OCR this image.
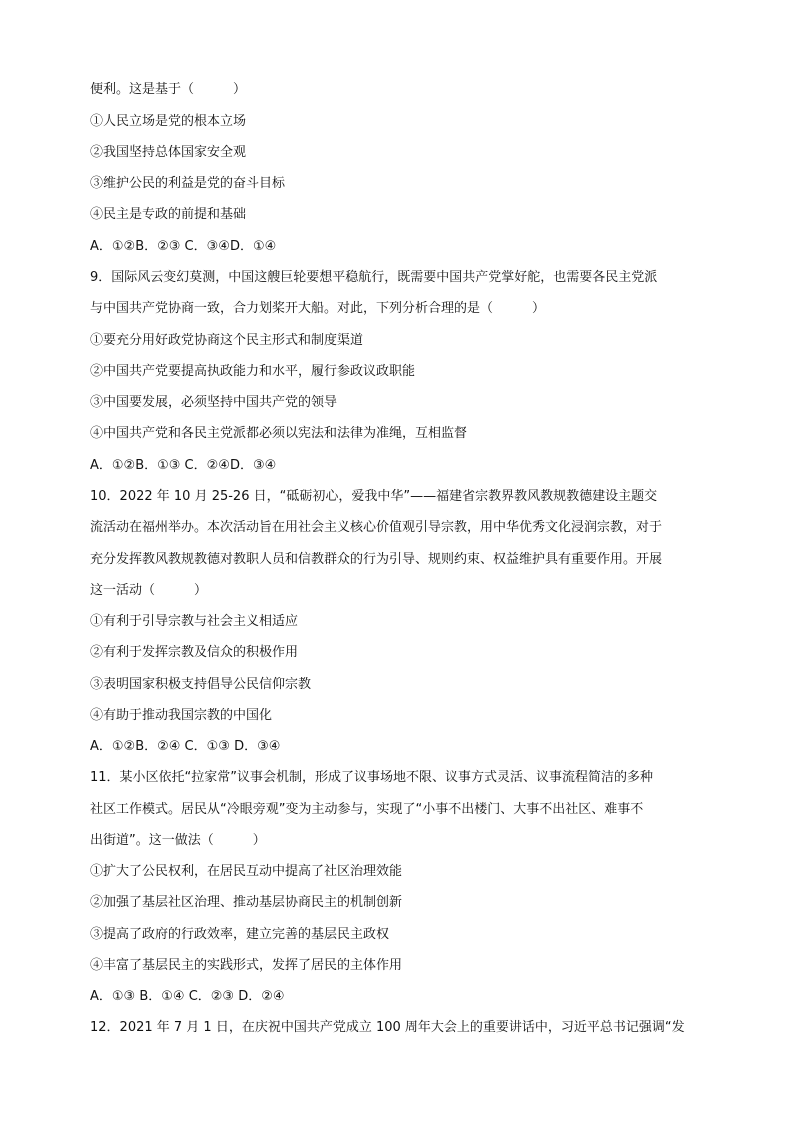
便利。这是基于（　　　）
①人民立场是党的根本立场
②我国坚持总体国家安全观
③维护公民的利益是党的奋斗目标
④民主是专政的前提和基础
A．①②B．②③ C．③④D．①④
9．国际风云变幻莫测，中国这艘巨轮要想平稳航行，既需要中国共产党掌好舵，也需要各民主党派
与中国共产党协商一致，合力划桨开大船。对此，下列分析合理的是（　　　）
①要充分用好政党协商这个民主形式和制度渠道
②中国共产党要提高执政能力和水平，履行参政议政职能
③中国要发展，必须坚持中国共产党的领导
④中国共产党和各民主党派都必须以宪法和法律为准绳，互相监督
A．①②B．①③ C．②④D．③④
10．2022 年 10 月 25-26 日，“砥砺初心，爱我中华”——福建省宗教界教风教规教德建设主题交
流活动在福州举办。本次活动旨在用社会主义核心价值观引导宗教，用中华优秀文化浸润宗教，对于
充分发挥教风教规教德对教职人员和信教群众的行为引导、规则约束、权益维护具有重要作用。开展
这一活动（　　　）
①有利于引导宗教与社会主义相适应
②有利于发挥宗教及信众的积极作用
③表明国家积极支持倡导公民信仰宗教
④有助于推动我国宗教的中国化
A．①②B．②④ C．①③ D．③④
11．某小区依托“拉家常”议事会机制，形成了议事场地不限、议事方式灵活、议事流程简洁的多种
社区工作模式。居民从“冷眼旁观”变为主动参与，实现了“小事不出楼门、大事不出社区、难事不
出街道”。这一做法（　　　）
①扩大了公民权利，在居民互动中提高了社区治理效能
②加强了基层社区治理、推动基层协商民主的机制创新
③提高了政府的行政效率，建立完善的基层民主政权
④丰富了基层民主的实践形式，发挥了居民的主体作用
A．①③ B．①④ C．②③ D．②④
12．2021 年 7 月 1 日，在庆祝中国共产党成立 100 周年大会上的重要讲话中，习近平总书记强调“发
